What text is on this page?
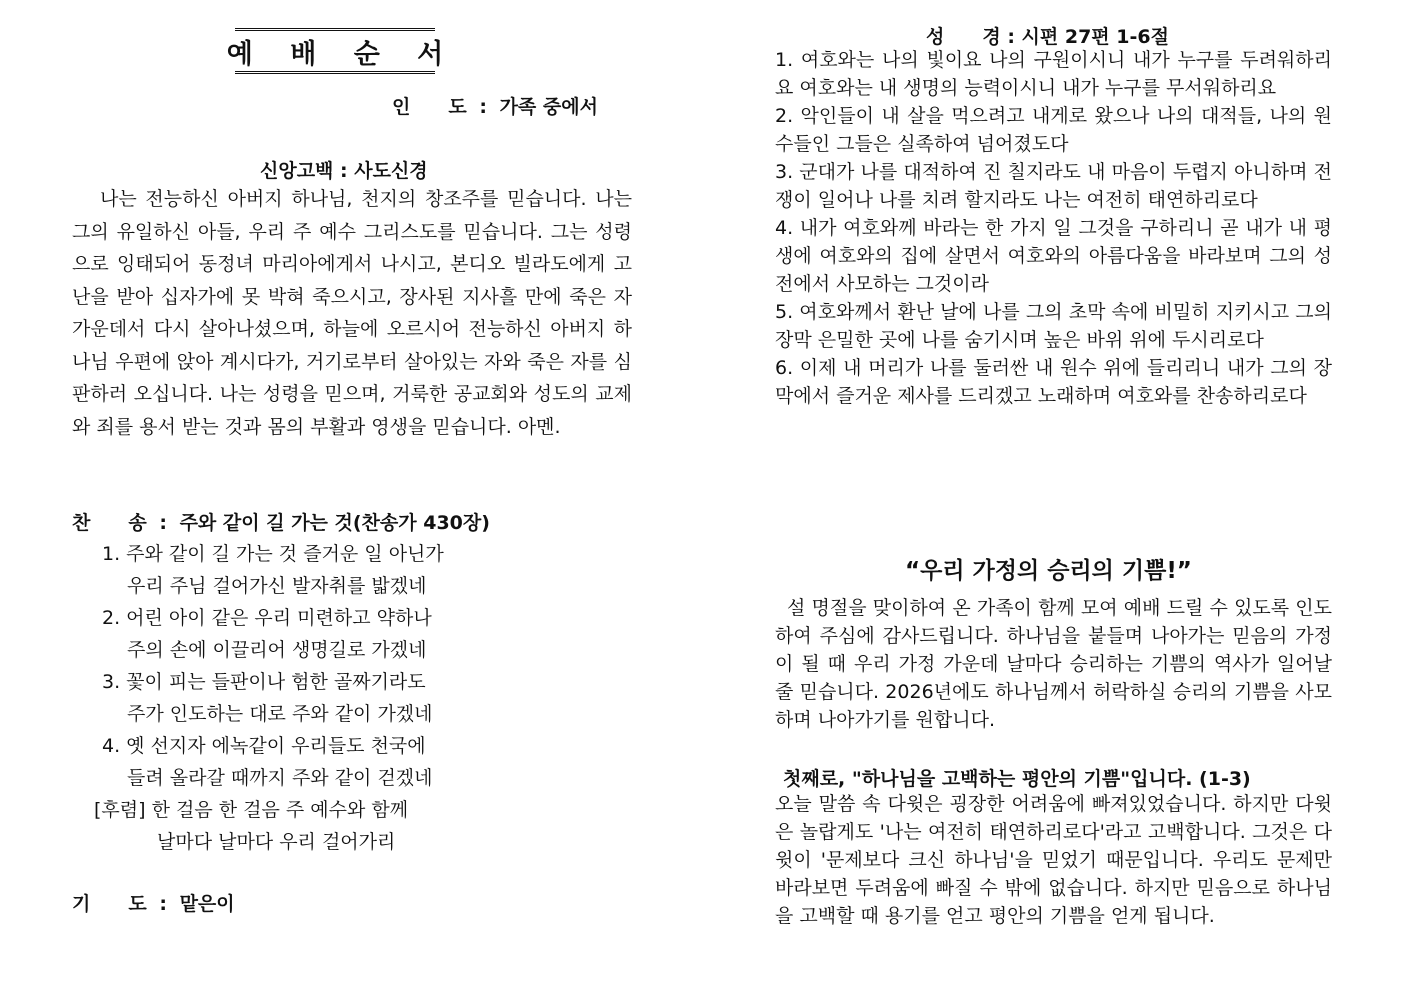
예 배 순 서
인　　도 : 가족 중에서
신앙고백 : 사도신경
나는 전능하신 아버지 하나님, 천지의 창조주를 믿습니다. 나는 그의 유일하신 아들, 우리 주 예수 그리스도를 믿습니다. 그는 성령으로 잉태되어 동정녀 마리아에게서 나시고, 본디오 빌라도에게 고난을 받아 십자가에 못 박혀 죽으시고, 장사된 지사흘 만에 죽은 자 가운데서 다시 살아나셨으며, 하늘에 오르시어 전능하신 아버지 하나님 우편에 앉아 계시다가, 거기로부터 살아있는 자와 죽은 자를 심판하러 오십니다. 나는 성령을 믿으며, 거룩한 공교회와 성도의 교제와 죄를 용서 받는 것과 몸의 부활과 영생을 믿습니다. 아멘.
찬　　송 : 주와 같이 길 가는 것(찬송가 430장)
1. 주와 같이 길 가는 것 즐거운 일 아닌가
우리 주님 걸어가신 발자취를 밟겠네
2. 어린 아이 같은 우리 미련하고 약하나
주의 손에 이끌리어 생명길로 가겠네
3. 꽃이 피는 들판이나 험한 골짜기라도
주가 인도하는 대로 주와 같이 가겠네
4. 옛 선지자 에녹같이 우리들도 천국에
들려 올라갈 때까지 주와 같이 걷겠네
[후렴] 한 걸음 한 걸음 주 예수와 함께
날마다 날마다 우리 걸어가리
기　　도 : 맡은이
성　　경 : 시편 27편 1-6절

1. 여호와는 나의 빛이요 나의 구원이시니 내가 누구를 두려워하리요 여호와는 내 생명의 능력이시니 내가 누구를 무서워하리요

2. 악인들이 내 살을 먹으려고 내게로 왔으나 나의 대적들, 나의 원수들인 그들은 실족하여 넘어졌도다

3. 군대가 나를 대적하여 진 칠지라도 내 마음이 두렵지 아니하며 전쟁이 일어나 나를 치려 할지라도 나는 여전히 태연하리로다

4. 내가 여호와께 바라는 한 가지 일 그것을 구하리니 곧 내가 내 평생에 여호와의 집에 살면서 여호와의 아름다움을 바라보며 그의 성전에서 사모하는 그것이라

5. 여호와께서 환난 날에 나를 그의 초막 속에 비밀히 지키시고 그의 장막 은밀한 곳에 나를 숨기시며 높은 바위 위에 두시리로다

6. 이제 내 머리가 나를 둘러싼 내 원수 위에 들리리니 내가 그의 장막에서 즐거운 제사를 드리겠고 노래하며 여호와를 찬송하리로다

“우리 가정의 승리의 기쁨!”
설 명절을 맞이하여 온 가족이 함께 모여 예배 드릴 수 있도록 인도하여 주심에 감사드립니다. 하나님을 붙들며 나아가는 믿음의 가정이 될 때 우리 가정 가운데 날마다 승리하는 기쁨의 역사가 일어날 줄 믿습니다. 2026년에도 하나님께서 허락하실 승리의 기쁨을 사모하며 나아가기를 원합니다.
첫째로, "하나님을 고백하는 평안의 기쁨"입니다. (1-3)
오늘 말씀 속 다윗은 굉장한 어려움에 빠져있었습니다. 하지만 다윗은 놀랍게도 '나는 여전히 태연하리로다'라고 고백합니다. 그것은 다윗이 '문제보다 크신 하나님'을 믿었기 때문입니다. 우리도 문제만 바라보면 두려움에 빠질 수 밖에 없습니다. 하지만 믿음으로 하나님을 고백할 때 용기를 얻고 평안의 기쁨을 얻게 됩니다.
